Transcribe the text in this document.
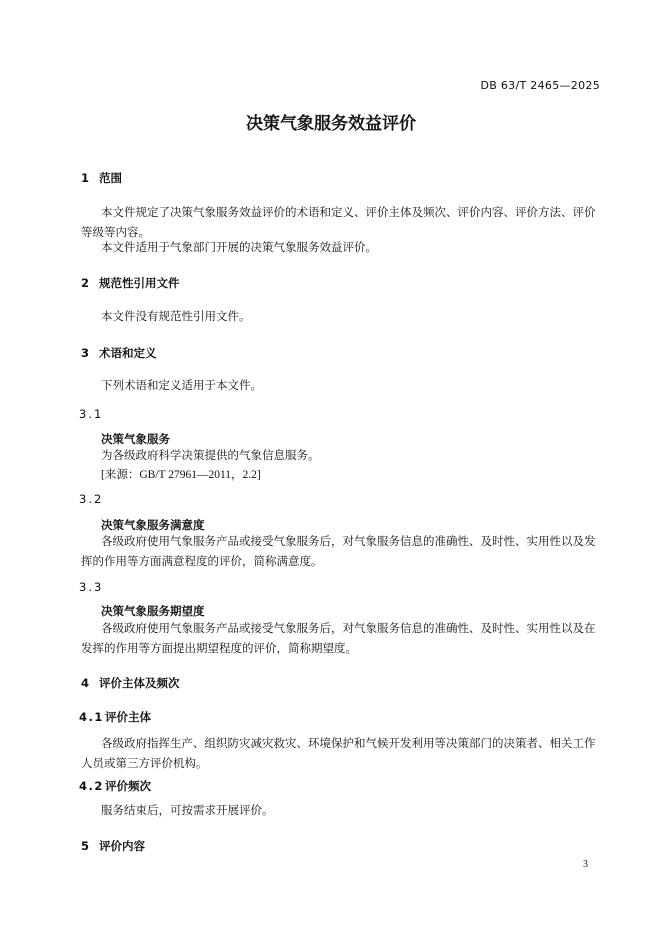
DB 63/T 2465—2025
决策气象服务效益评价
1 范围
本文件规定了决策气象服务效益评价的术语和定义、评价主体及频次、评价内容、评价方法、评价
等级等内容。
本文件适用于气象部门开展的决策气象服务效益评价。
2 规范性引用文件
本文件没有规范性引用文件。
3 术语和定义
下列术语和定义适用于本文件。
3.1
决策气象服务
为各级政府科学决策提供的气象信息服务。
[来源：GB/T 27961—2011，2.2]
3.2
决策气象服务满意度
各级政府使用气象服务产品或接受气象服务后，对气象服务信息的准确性、及时性、实用性以及发
挥的作用等方面满意程度的评价，简称满意度。
3.3
决策气象服务期望度
各级政府使用气象服务产品或接受气象服务后，对气象服务信息的准确性、及时性、实用性以及在
发挥的作用等方面提出期望程度的评价，简称期望度。
4 评价主体及频次
4.1评价主体
各级政府指挥生产、组织防灾减灾救灾、环境保护和气候开发利用等决策部门的决策者、相关工作
人员或第三方评价机构。
4.2评价频次
服务结束后，可按需求开展评价。
5 评价内容
3
